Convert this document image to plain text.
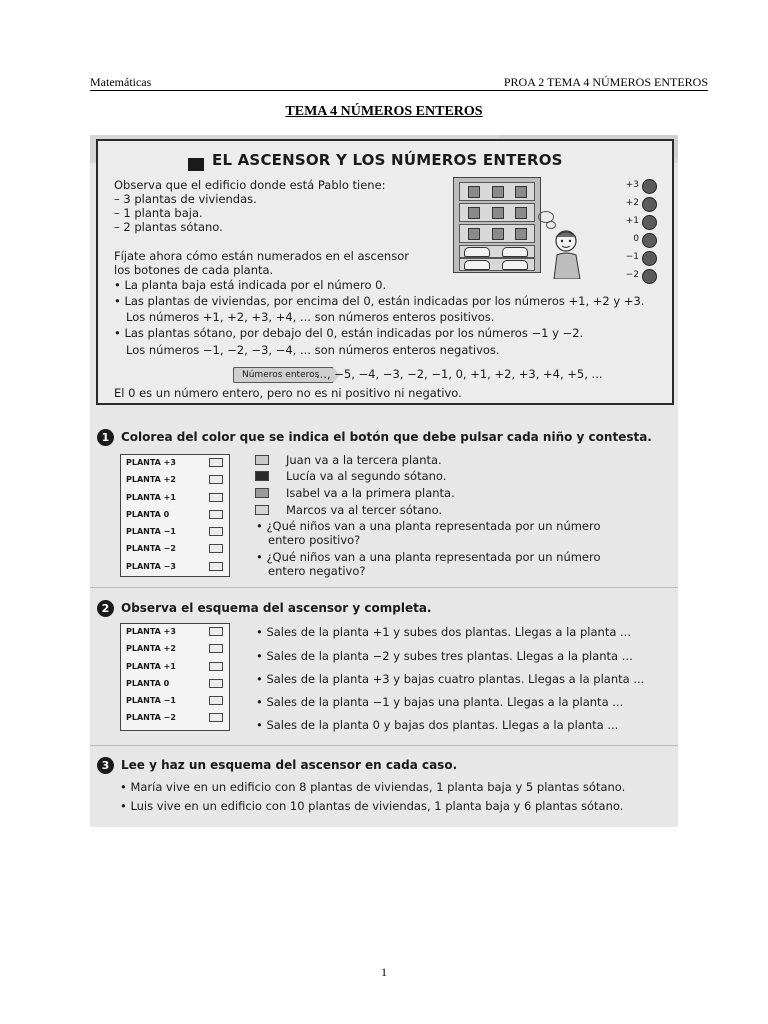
Matemáticas	PROA 2 TEMA 4 NÚMEROS ENTEROS
TEMA 4 NÚMEROS ENTEROS
EL ASCENSOR Y LOS NÚMEROS ENTEROS
Observa que el edificio donde está Pablo tiene:
– 3 plantas de viviendas.
– 1 planta baja.
– 2 plantas sótano.
Fíjate ahora cómo están numerados en el ascensor
los botones de cada planta.
• La planta baja está indicada por el número 0.
• Las plantas de viviendas, por encima del 0, están indicadas por los números +1, +2 y +3.
Los números +1, +2, +3, +4, ... son números enteros positivos.
• Las plantas sótano, por debajo del 0, están indicadas por los números −1 y −2.
Los números −1, −2, −3, −4, ... son números enteros negativos.
Números enteros
..., −5, −4, −3, −2, −1, 0, +1, +2, +3, +4, +5, ...
El 0 es un número entero, pero no es ni positivo ni negativo.
+3
+2
+1
0
−1
−2
1 Colorea del color que se indica el botón que debe pulsar cada niño y contesta.
PLANTA +3
PLANTA +2
PLANTA +1
PLANTA 0
PLANTA −1
PLANTA −2
PLANTA −3
Juan va a la tercera planta.
Lucía va al segundo sótano.
Isabel va a la primera planta.
Marcos va al tercer sótano.
• ¿Qué niños van a una planta representada por un número
entero positivo?
• ¿Qué niños van a una planta representada por un número
entero negativo?
2 Observa el esquema del ascensor y completa.
PLANTA +3
PLANTA +2
PLANTA +1
PLANTA 0
PLANTA −1
PLANTA −2
• Sales de la planta +1 y subes dos plantas. Llegas a la planta ...
• Sales de la planta −2 y subes tres plantas. Llegas a la planta ...
• Sales de la planta +3 y bajas cuatro plantas. Llegas a la planta ...
• Sales de la planta −1 y bajas una planta. Llegas a la planta ...
• Sales de la planta 0 y bajas dos plantas. Llegas a la planta ...
3 Lee y haz un esquema del ascensor en cada caso.
• María vive en un edificio con 8 plantas de viviendas, 1 planta baja y 5 plantas sótano.
• Luis vive en un edificio con 10 plantas de viviendas, 1 planta baja y 6 plantas sótano.
1
